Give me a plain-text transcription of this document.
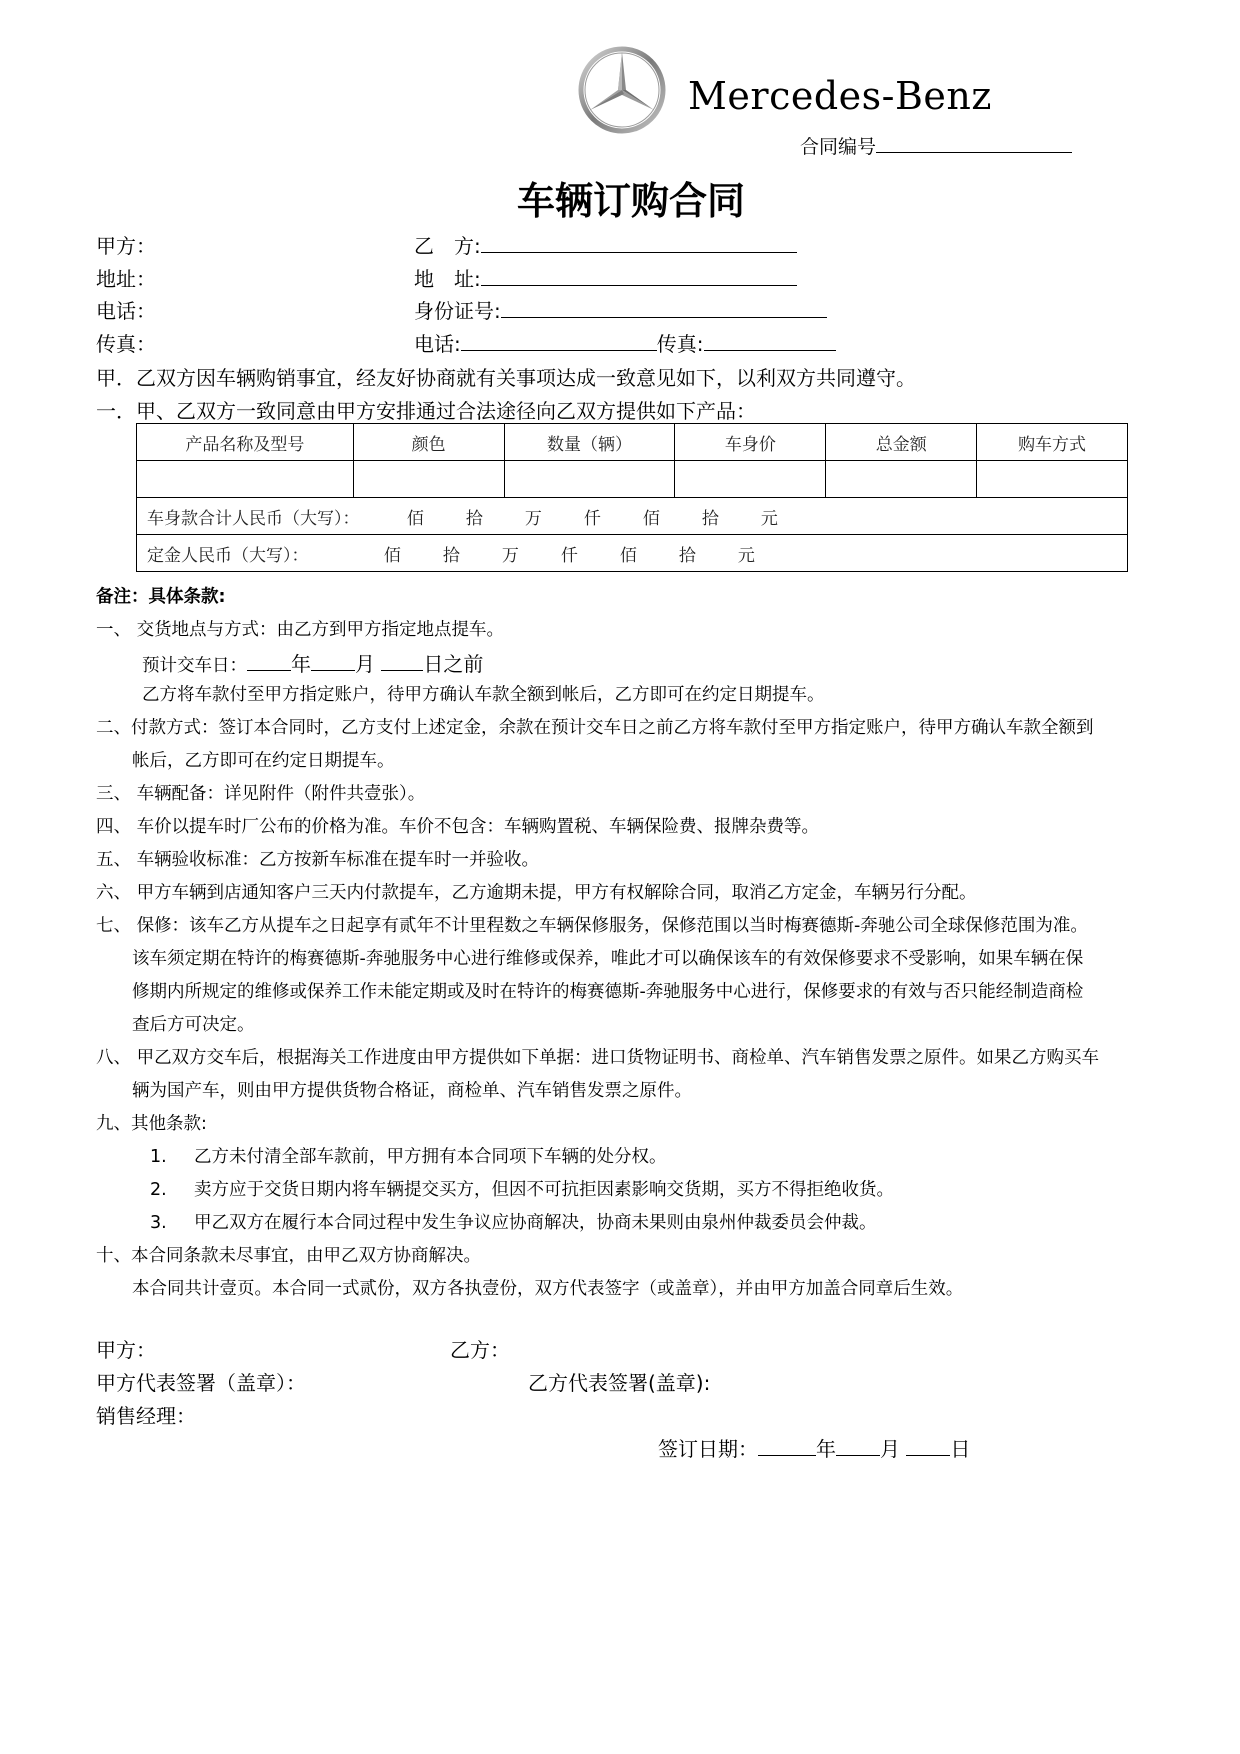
Mercedes-Benz
合同编号
车辆订购合同
甲方：	乙　方:
地址：	地　址:
电话：	身份证号:
传真：	电话:	传真:
甲．乙双方因车辆购销事宜，经友好协商就有关事项达成一致意见如下，以利双方共同遵守。
一．甲、乙双方一致同意由甲方安排通过合法途径向乙双方提供如下产品：
产品名称及型号	颜色	数量（辆）	车身价	总金额	购车方式

车身款合计人民币（大写）： 佰 拾 万 仟 佰 拾 元					
定金人民币（大写）： 佰 拾 万 仟 佰 拾 元					
备注：具体条款:
一、 交货地点与方式：由乙方到甲方指定地点提车。
预计交车日： 年 月 日之前
乙方将车款付至甲方指定账户，待甲方确认车款全额到帐后，乙方即可在约定日期提车。
二、付款方式：签订本合同时，乙方支付上述定金，余款在预计交车日之前乙方将车款付至甲方指定账户，待甲方确认车款全额到
帐后，乙方即可在约定日期提车。
三、 车辆配备：详见附件（附件共壹张）。
四、 车价以提车时厂公布的价格为准。车价不包含：车辆购置税、车辆保险费、报牌杂费等。
五、 车辆验收标准：乙方按新车标准在提车时一并验收。
六、 甲方车辆到店通知客户三天内付款提车，乙方逾期未提，甲方有权解除合同，取消乙方定金，车辆另行分配。
七、 保修：该车乙方从提车之日起享有贰年不计里程数之车辆保修服务，保修范围以当时梅赛德斯-奔驰公司全球保修范围为准。
该车须定期在特许的梅赛德斯-奔驰服务中心进行维修或保养，唯此才可以确保该车的有效保修要求不受影响，如果车辆在保
修期内所规定的维修或保养工作未能定期或及时在特许的梅赛德斯-奔驰服务中心进行，保修要求的有效与否只能经制造商检
查后方可决定。
八、 甲乙双方交车后，根据海关工作进度由甲方提供如下单据：进口货物证明书、商检单、汽车销售发票之原件。如果乙方购买车
辆为国产车，则由甲方提供货物合格证，商检单、汽车销售发票之原件。
九、其他条款:
1. 乙方未付清全部车款前，甲方拥有本合同项下车辆的处分权。
2. 卖方应于交货日期内将车辆提交买方，但因不可抗拒因素影响交货期，买方不得拒绝收货。
3. 甲乙双方在履行本合同过程中发生争议应协商解决，协商未果则由泉州仲裁委员会仲裁。
十、本合同条款未尽事宜，由甲乙双方协商解决。
本合同共计壹页。本合同一式贰份，双方各执壹份，双方代表签字（或盖章），并由甲方加盖合同章后生效。
甲方：	乙方：
甲方代表签署（盖章）：	乙方代表签署(盖章):
销售经理：
签订日期：	年 月	日
